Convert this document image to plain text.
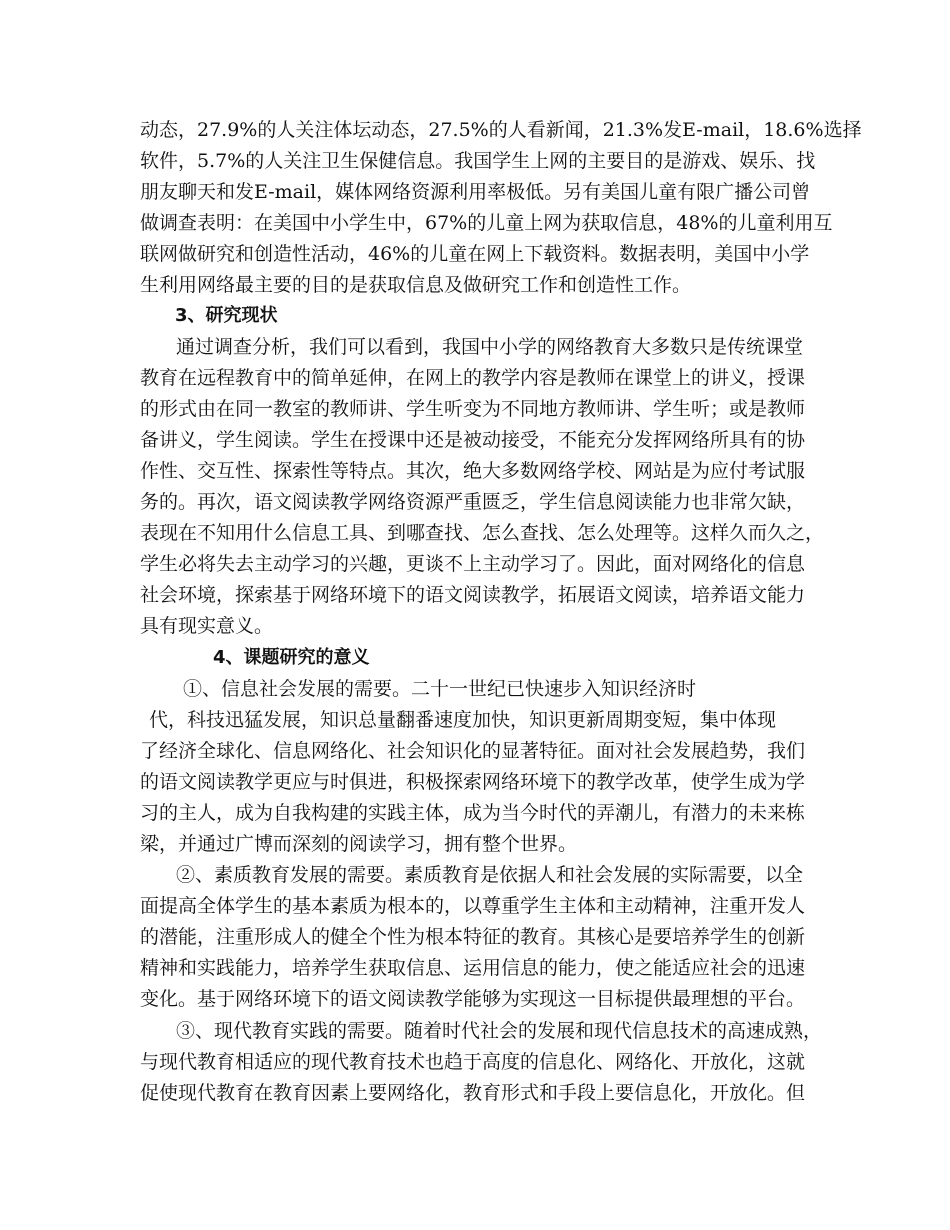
动态，27.9%的人关注体坛动态，27.5%的人看新闻，21.3%发E-mail，18.6%选择
软件，5.7%的人关注卫生保健信息。我国学生上网的主要目的是游戏、娱乐、找
朋友聊天和发E-mail，媒体网络资源利用率极低。另有美国儿童有限广播公司曾
做调查表明：在美国中小学生中，67%的儿童上网为获取信息，48%的儿童利用互
联网做研究和创造性活动，46%的儿童在网上下载资料。数据表明，美国中小学
生利用网络最主要的目的是获取信息及做研究工作和创造性工作。
3、研究现状
通过调查分析，我们可以看到，我国中小学的网络教育大多数只是传统课堂
教育在远程教育中的简单延伸，在网上的教学内容是教师在课堂上的讲义，授课
的形式由在同一教室的教师讲、学生听变为不同地方教师讲、学生听；或是教师
备讲义，学生阅读。学生在授课中还是被动接受，不能充分发挥网络所具有的协
作性、交互性、探索性等特点。其次，绝大多数网络学校、网站是为应付考试服
务的。再次，语文阅读教学网络资源严重匮乏，学生信息阅读能力也非常欠缺，
表现在不知用什么信息工具、到哪查找、怎么查找、怎么处理等。这样久而久之，
学生必将失去主动学习的兴趣，更谈不上主动学习了。因此，面对网络化的信息
社会环境，探索基于网络环境下的语文阅读教学，拓展语文阅读，培养语文能力
具有现实意义。
4、课题研究的意义
①、信息社会发展的需要。二十一世纪已快速步入知识经济时
代，科技迅猛发展，知识总量翻番速度加快，知识更新周期变短，集中体现
了经济全球化、信息网络化、社会知识化的显著特征。面对社会发展趋势，我们
的语文阅读教学更应与时俱进，积极探索网络环境下的教学改革，使学生成为学
习的主人，成为自我构建的实践主体，成为当今时代的弄潮儿，有潜力的未来栋
梁，并通过广博而深刻的阅读学习，拥有整个世界。
②、素质教育发展的需要。素质教育是依据人和社会发展的实际需要，以全
面提高全体学生的基本素质为根本的，以尊重学生主体和主动精神，注重开发人
的潜能，注重形成人的健全个性为根本特征的教育。其核心是要培养学生的创新
精神和实践能力，培养学生获取信息、运用信息的能力，使之能适应社会的迅速
变化。基于网络环境下的语文阅读教学能够为实现这一目标提供最理想的平台。
③、现代教育实践的需要。随着时代社会的发展和现代信息技术的高速成熟，
与现代教育相适应的现代教育技术也趋于高度的信息化、网络化、开放化，这就
促使现代教育在教育因素上要网络化，教育形式和手段上要信息化，开放化。但
